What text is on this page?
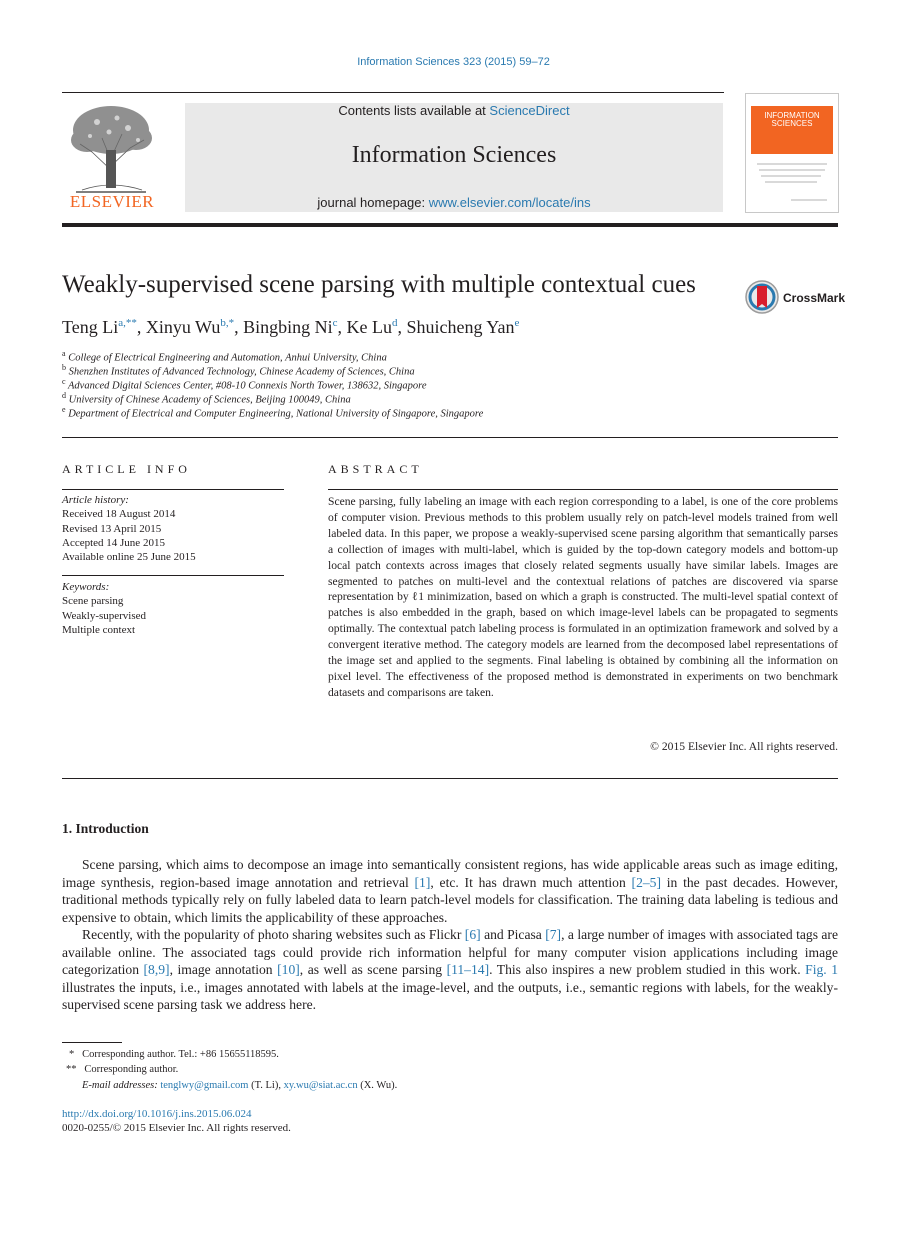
Information Sciences 323 (2015) 59–72
ELSEVIER
Contents lists available at ScienceDirect
Information Sciences
journal homepage: www.elsevier.com/locate/ins
INFORMATION SCIENCES
Weakly-supervised scene parsing with multiple contextual cues	CrossMark
Teng $Li^{a,**}$, Xinyu $Wu^{b,*}$, Bingbing Ni$^c$, Ke Lu$^d$, Shuicheng Yan$^e$
$^a$ College of Electrical Engineering and Automation, Anhui University, China
$^b$ Shenzhen Institutes of Advanced Technology, Chinese Academy of Sciences, China
$^c$ Advanced Digital Sciences Center, #08-10 Connexis North Tower, 138632, Singapore
$^d$ University of Chinese Academy of Sciences, Beijing 100049, China
$^e$ Department of Electrical and Computer Engineering, National University of Singapore, Singapore
ARTICLE INFO
Article history:
Received 18 August 2014
Revised 13 April 2015
Accepted 14 June 2015
Available online 25 June 2015
Keywords:
Scene parsing
Weakly-supervised
Multiple context
ABSTRACT
Scene parsing, fully labeling an image with each region corresponding to a label, is one of the core problems of computer vision. Previous methods to this problem usually rely on patch-level models trained from well labeled data. In this paper, we propose a weakly-supervised scene parsing algorithm that semantically parses a collection of images with multi-label, which is guided by the top-down category models and bottom-up local patch contexts across images that closely related segments usually have similar labels. Images are segmented to patches on multi-level and the contextual relations of patches are discovered via sparse representation by ℓ1 minimization, based on which a graph is constructed. The multi-level spatial context of patches is also embedded in the graph, based on which image-level labels can be propagated to segments optimally. The contextual patch labeling process is formulated in an optimization framework and solved by a convergent iterative method. The category models are learned from the decomposed label representations of the image set and applied to the segments. Final labeling is obtained by combining all the information on pixel level. The effectiveness of the proposed method is demonstrated in experiments on two benchmark datasets and comparisons are taken.
© 2015 Elsevier Inc. All rights reserved.
1. Introduction
Scene parsing, which aims to decompose an image into semantically consistent regions, has wide applicable areas such as image editing, image synthesis, region-based image annotation and retrieval [1], etc. It has drawn much attention [2–5] in the past decades. However, traditional methods typically rely on fully labeled data to learn patch-level models for classification. The training data labeling is tedious and expensive to obtain, which limits the applicability of these approaches.
Recently, with the popularity of photo sharing websites such as Flickr [6] and Picasa [7], a large number of images with associated tags are available online. The associated tags could provide rich information helpful for many computer vision applications including image categorization [8,9], image annotation [10], as well as scene parsing [11–14]. This also inspires a new problem studied in this work. Fig. 1 illustrates the inputs, i.e., images annotated with labels at the image-level, and the outputs, i.e., semantic regions with labels, for the weakly-supervised scene parsing task we address here.
* Corresponding author. Tel.: +86 15655118595.
** Corresponding author.
E-mail addresses: tenglwy@gmail.com (T. Li), xy.wu@siat.ac.cn (X. Wu).
http://dx.doi.org/10.1016/j.ins.2015.06.024
0020-0255/© 2015 Elsevier Inc. All rights reserved.
